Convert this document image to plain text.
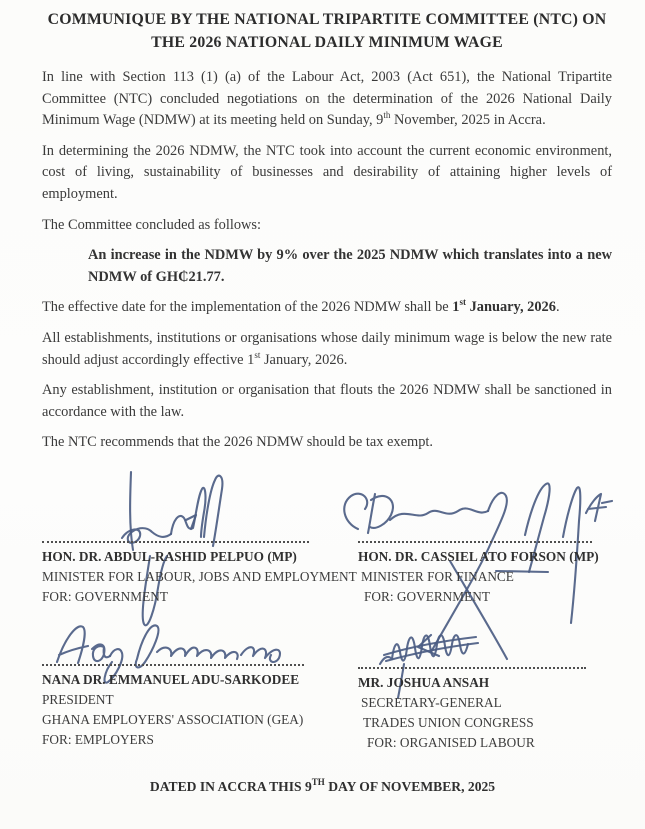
COMMUNIQUE BY THE NATIONAL TRIPARTITE COMMITTEE (NTC) ON
THE 2026 NATIONAL DAILY MINIMUM WAGE

In line with Section 113 (1) (a) of the Labour Act, 2003 (Act 651), the National Tripartite Committee (NTC) concluded negotiations on the determination of the 2026 National Daily Minimum Wage (NDMW) at its meeting held on Sunday, 9th November, 2025 in Accra.

In determining the 2026 NDMW, the NTC took into account the current economic environment, cost of living, sustainability of businesses and desirability of attaining higher levels of employment.

The Committee concluded as follows:

An increase in the NDMW by 9% over the 2025 NDMW which translates into a new NDMW of GH₵21.77.

The effective date for the implementation of the 2026 NDMW shall be 1st January, 2026.

All establishments, institutions or organisations whose daily minimum wage is below the new rate should adjust accordingly effective 1st January, 2026.

Any establishment, institution or organisation that flouts the 2026 NDMW shall be sanctioned in accordance with the law.

The NTC recommends that the 2026 NDMW should be tax exempt.

HON. DR. ABDUL-RASHID PELPUO (MP)
MINISTER FOR LABOUR, JOBS AND EMPLOYMENT
FOR: GOVERNMENT
HON. DR. CASSIEL ATO FORSON (MP)
MINISTER FOR FINANCE
FOR: GOVERNMENT
NANA DR. EMMANUEL ADU-SARKODEE
PRESIDENT
GHANA EMPLOYERS' ASSOCIATION (GEA)
FOR: EMPLOYERS
MR. JOSHUA ANSAH
SECRETARY-GENERAL
TRADES UNION CONGRESS
FOR: ORGANISED LABOUR
DATED IN ACCRA THIS 9TH DAY OF NOVEMBER, 2025
